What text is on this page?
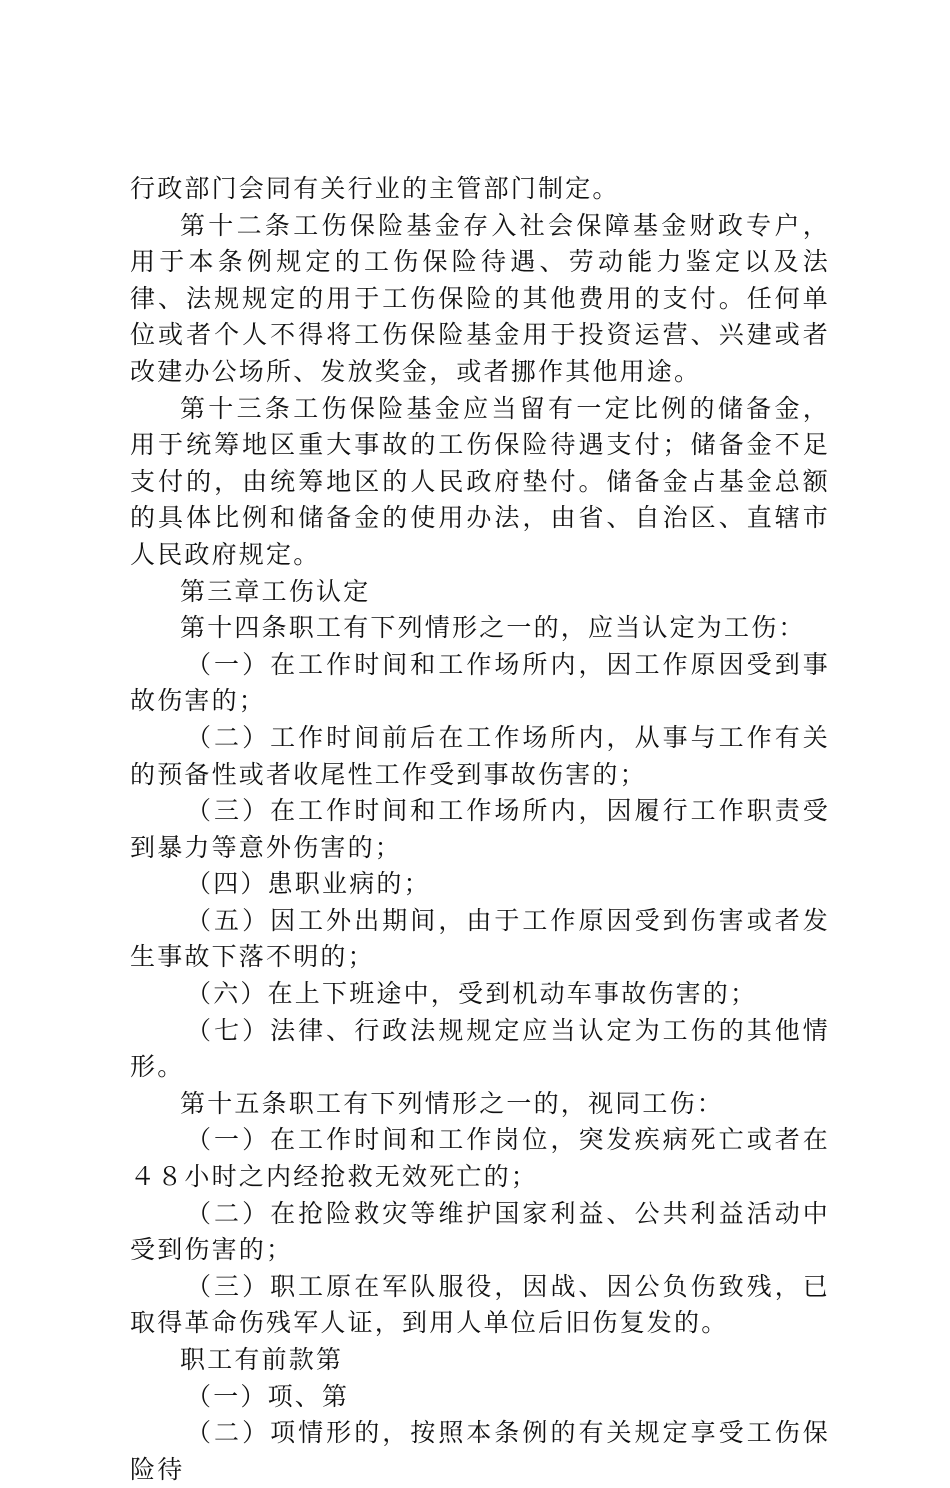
行政部门会同有关行业的主管部门制定。

第十二条工伤保险基金存入社会保障基金财政专户，用于本条例规定的工伤保险待遇、劳动能力鉴定以及法律、法规规定的用于工伤保险的其他费用的支付。任何单位或者个人不得将工伤保险基金用于投资运营、兴建或者改建办公场所、发放奖金，或者挪作其他用途。

第十三条工伤保险基金应当留有一定比例的储备金，用于统筹地区重大事故的工伤保险待遇支付；储备金不足支付的，由统筹地区的人民政府垫付。储备金占基金总额的具体比例和储备金的使用办法，由省、自治区、直辖市人民政府规定。

第三章工伤认定

第十四条职工有下列情形之一的，应当认定为工伤：

（一）在工作时间和工作场所内，因工作原因受到事故伤害的；

（二）工作时间前后在工作场所内，从事与工作有关的预备性或者收尾性工作受到事故伤害的；

（三）在工作时间和工作场所内，因履行工作职责受到暴力等意外伤害的；

（四）患职业病的；

（五）因工外出期间，由于工作原因受到伤害或者发生事故下落不明的；

（六）在上下班途中，受到机动车事故伤害的；

（七）法律、行政法规规定应当认定为工伤的其他情形。

第十五条职工有下列情形之一的，视同工伤：

（一）在工作时间和工作岗位，突发疾病死亡或者在４８小时之内经抢救无效死亡的；

（二）在抢险救灾等维护国家利益、公共利益活动中受到伤害的；

（三）职工原在军队服役，因战、因公负伤致残，已取得革命伤残军人证，到用人单位后旧伤复发的。

职工有前款第

（一）项、第

（二）项情形的，按照本条例的有关规定享受工伤保险待
